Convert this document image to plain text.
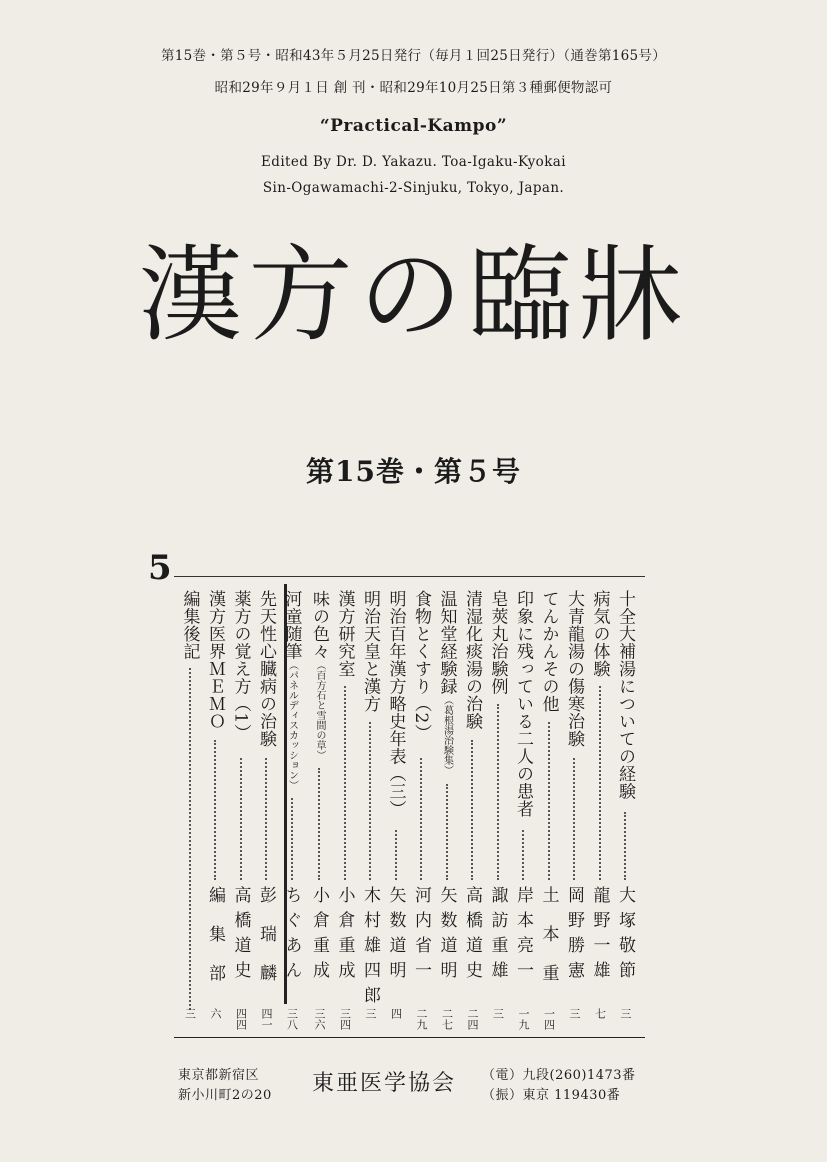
第15巻・第５号・昭和43年５月25日発行（毎月１回25日発行）（通巻第165号）
昭和29年９月１日 創 刊・昭和29年10月25日第３種郵便物認可
“Practical-Kampo”
Edited By Dr. D. Yakazu. Toa-Igaku-Kyokai
Sin-Ogawamachi-2-Sinjuku, Tokyo, Japan.
漢方の臨牀
第15巻・第５号
5
十全大補湯についての経験
大塚敬節
三
病気の体験
龍野一雄
七
大青龍湯の傷寒治験
岡野勝憲
三
てんかんその他
土本重
一四
印象に残っている二人の患者
岸本亮一
一九
皂莢丸治験例
諏訪重雄
三
清湿化痰湯の治験
高橋道史
二四
温知堂経験録（葛根湯治験集）
矢数道明
二七
食物とくすり（2）
河内省一
二九
明治百年漢方略史年表（三）
矢数道明
四
明治天皇と漢方
木村雄四郎
三
漢方研究室
小倉重成
三四
味の色々（百方石と雪間の草）
小倉重成
三六
河童随筆（パネルディスカッション）
ちぐあん
三八
先天性心臓病の治験
彭瑞麟
四一
薬方の覚え方（1）
高橋道史
四四
漢方医界ＭＥＭＯ
編集部
六
編集後記
三
東京都新宿区
新小川町2の20 東亜医学協会 （電）九段(260)1473番
（振）東京 119430番
